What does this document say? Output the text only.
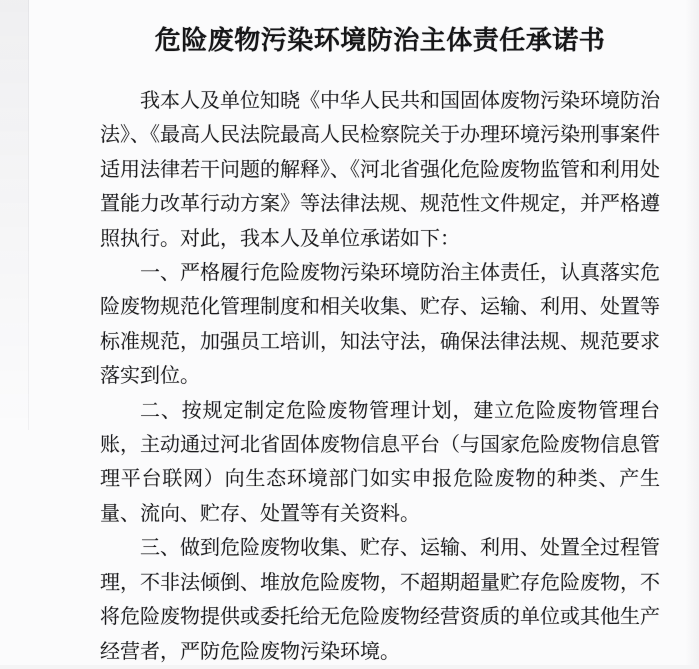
危险废物污染环境防治主体责任承诺书

我本人及单位知晓《中华人民共和国固体废物污染环境防治法》、《最高人民法院最高人民检察院关于办理环境污染刑事案件适用法律若干问题的解释》、《河北省强化危险废物监管和利用处置能力改革行动方案》等法律法规、规范性文件规定，并严格遵照执行。对此，我本人及单位承诺如下：

一、严格履行危险废物污染环境防治主体责任，认真落实危险废物规范化管理制度和相关收集、贮存、运输、利用、处置等标准规范，加强员工培训，知法守法，确保法律法规、规范要求落实到位。

二、按规定制定危险废物管理计划，建立危险废物管理台账，主动通过河北省固体废物信息平台（与国家危险废物信息管理平台联网）向生态环境部门如实申报危险废物的种类、产生量、流向、贮存、处置等有关资料。

三、做到危险废物收集、贮存、运输、利用、处置全过程管理，不非法倾倒、堆放危险废物，不超期超量贮存危险废物，不将危险废物提供或委托给无危险废物经营资质的单位或其他生产经营者，严防危险废物污染环境。
